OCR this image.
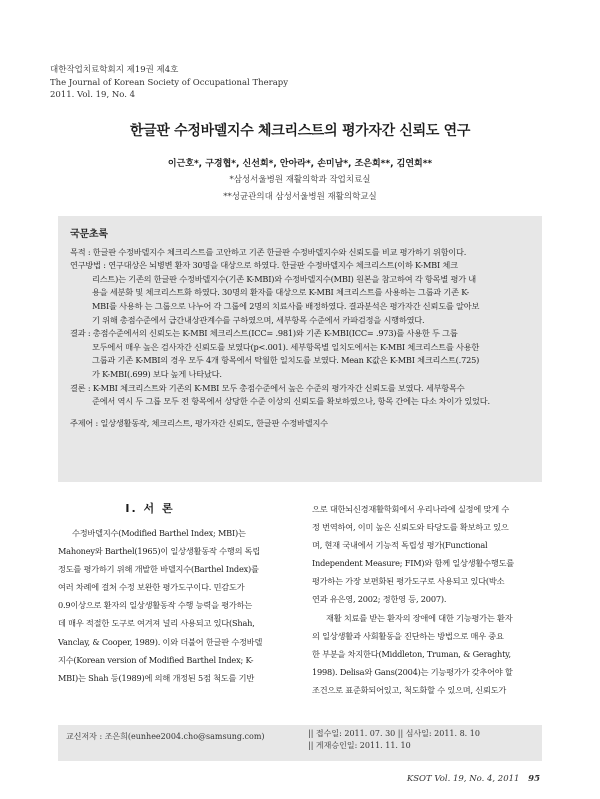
대한작업치료학회지 제19권 제4호
The Journal of Korean Society of Occupational Therapy
2011. Vol. 19, No. 4
한글판 수정바델지수 체크리스트의 평가자간 신뢰도 연구
이근호*, 구경협*, 신선희*, 안아라*, 손미남*, 조은희**, 김연희**
*삼성서울병원 재활의학과 작업치료실
**성균관의대 삼성서울병원 재활의학교실
국문초록
목적 : 한글판 수정바델지수 체크리스트를 고안하고 기존 한글판 수정바델지수와 신뢰도를 비교 평가하기 위함이다.
연구방법 : 연구대상은 뇌병변 환자 30명을 대상으로 하였다. 한글판 수정바델지수 체크리스트(이하 K-MBI 체크
리스트)는 기존의 한글판 수정바델지수(기존 K-MBI)와 수정바델지수(MBI) 원본을 참고하여 각 항목별 평가 내
용을 세분화 및 체크리스트화 하였다. 30명의 환자를 대상으로 K-MBI 체크리스트를 사용하는 그룹과 기존 K-
MBI를 사용하 는 그룹으로 나누어 각 그룹에 2명의 치료사를 배정하였다. 결과분석은 평가자간 신뢰도를 알아보
기 위해 총점수준에서 급간내상관계수를 구하였으며, 세부항목 수준에서 카파검정을 시행하였다.
결과 : 총점수준에서의 신뢰도는 K-MBI 체크리스트(ICC= .981)와 기존 K-MBI(ICC= .973)를 사용한 두 그룹
모두에서 매우 높은 검사자간 신뢰도를 보였다(p<.001). 세부항목별 일치도에서는 K-MBI 체크리스트를 사용한
그룹과 기존 K-MBI의 경우 모두 4개 항목에서 탁월한 일치도를 보였다. Mean K값은 K-MBI 체크리스트(.725)
가 K-MBI(.699) 보다 높게 나타났다.
결론 : K-MBI 체크리스트와 기존의 K-MBI 모두 총점수준에서 높은 수준의 평가자간 신뢰도를 보였다. 세부항목수
준에서 역시 두 그룹 모두 전 항목에서 상당한 수준 이상의 신뢰도를 확보하였으나, 항목 간에는 다소 차이가 있었다.
주제어 : 일상생활동작, 체크리스트, 평가자간 신뢰도, 한글판 수정바델지수
Ⅰ. 서 론
수정바델지수(Modified Barthel Index; MBI)는
Mahoney와 Barthel(1965)이 일상생활동작 수행의 독립
정도를 평가하기 위해 개발한 바델지수(Barthel Index)를
여러 차례에 걸쳐 수정 보완한 평가도구이다. 민감도가
0.9이상으로 환자의 일상생활동작 수행 능력을 평가하는
데 매우 적절한 도구로 여겨져 널리 사용되고 있다(Shah,
Vanclay, & Cooper, 1989). 이와 더불어 한글판 수정바델
지수(Korean version of Modified Barthel Index; K-
MBI)는 Shah 등(1989)에 의해 개정된 5점 척도를 기반
으로 대한뇌신경재활학회에서 우리나라에 실정에 맞게 수
정 번역하여, 이미 높은 신뢰도와 타당도를 확보하고 있으
며, 현재 국내에서 기능적 독립성 평가(Functional
Independent Measure; FIM)와 함께 일상생활수행도를
평가하는 가장 보편화된 평가도구로 사용되고 있다(박소
연과 유은영, 2002; 정한영 등, 2007).
재활 치료를 받는 환자의 장애에 대한 기능평가는 환자
의 일상생활과 사회활동을 진단하는 방법으로 매우 중요
한 부분을 차지한다(Middleton, Truman, & Geraghty,
1998). Delisa와 Gans(2004)는 기능평가가 갖추어야 할
조건으로 표준화되어있고, 척도화할 수 있으며, 신뢰도가
교신저자 : 조은희(eunhee2004.cho@samsung.com)	|| 접수일: 2011. 07. 30 || 심사일: 2011. 8. 10
|| 게재승인일: 2011. 11. 10
KSOT Vol. 19, No. 4, 2011 95
